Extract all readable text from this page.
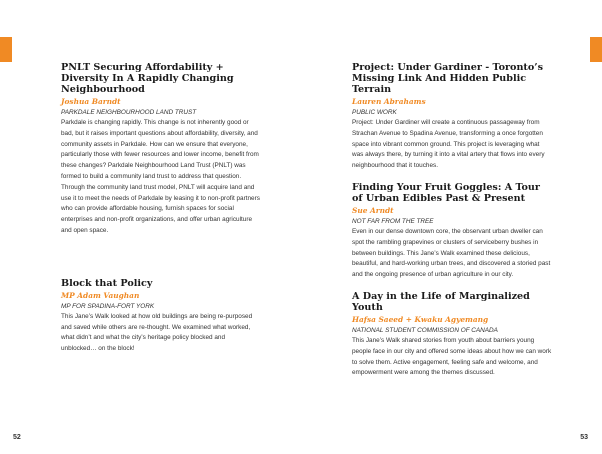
PNLT Securing Affordability + Diversity In A Rapidly Changing Neighbourhood
Joshua Barndt
PARKDALE NEIGHBOURHOOD LAND TRUST
Parkdale is changing rapidly. This change is not inherently good or bad, but it raises important questions about affordability, diversity, and community assets in Parkdale. How can we ensure that everyone, particularly those with fewer resources and lower income, benefit from these changes? Parkdale Neighbourhood Land Trust (PNLT) was formed to build a community land trust to address that question. Through the community land trust model, PNLT will acquire land and use it to meet the needs of Parkdale by leasing it to non-profit partners who can provide affordable housing, furnish spaces for social enterprises and non-profit organizations, and offer urban agriculture and open space.
Block that Policy
MP Adam Vaughan
MP FOR SPADINA-FORT YORK
This Jane’s Walk looked at how old buildings are being re-purposed and saved while others are re-thought. We examined what worked, what didn’t and what the city’s heritage policy blocked and unblocked… on the block!
Project: Under Gardiner - Toronto’s Missing Link And Hidden Public Terrain
Lauren Abrahams
PUBLIC WORK
Project: Under Gardiner will create a continuous passageway from Strachan Avenue to Spadina Avenue, transforming a once forgotten space into vibrant common ground. This project is leveraging what was always there, by turning it into a vital artery that flows into every neighbourhood that it touches.
Finding Your Fruit Goggles: A Tour of Urban Edibles Past & Present
Sue Arndt
NOT FAR FROM THE TREE
Even in our dense downtown core, the observant urban dweller can spot the rambling grapevines or clusters of serviceberry bushes in between buildings. This Jane’s Walk examined these delicious, beautiful, and hard-working urban trees, and discovered a storied past and the ongoing presence of urban agriculture in our city.
A Day in the Life of Marginalized Youth
Hafsa Saeed + Kwaku Agyemang
NATIONAL STUDENT COMMISSION OF CANADA
This Jane’s Walk shared stories from youth about barriers young people face in our city and offered some ideas about how we can work to solve them. Active engagement, feeling safe and welcome, and empowerment were among the themes discussed.
52	53
